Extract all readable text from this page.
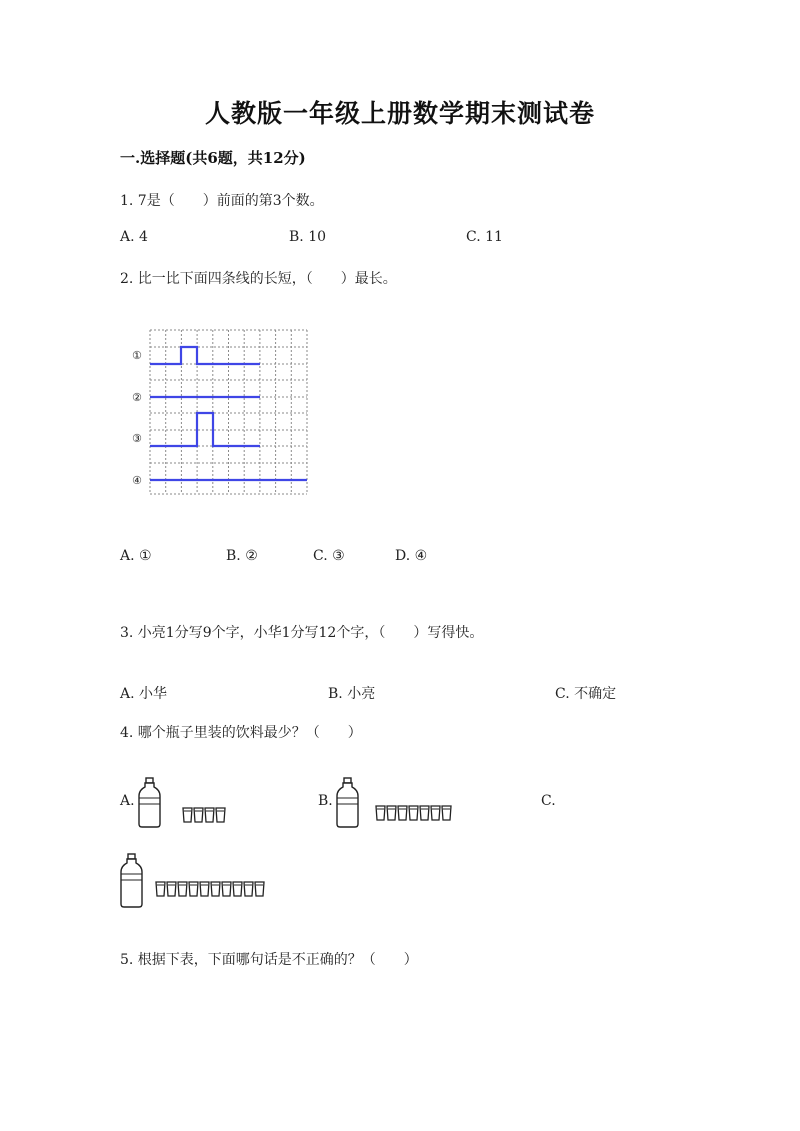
人教版一年级上册数学期末测试卷
一.选择题(共6题，共12分)
1. 7是（　　）前面的第3个数。
A. 4	B. 10	C. 11
2. 比一比下面四条线的长短，（　　）最长。
①
②
③
④
A. ①	B. ②	C. ③	D. ④
3. 小亮1分写9个字，小华1分写12个字，（　　）写得快。
A. 小华	B. 小亮	C. 不确定
4. 哪个瓶子里装的饮料最少？（　　）
A.	B.	C.
5. 根据下表，下面哪句话是不正确的？（　　）
